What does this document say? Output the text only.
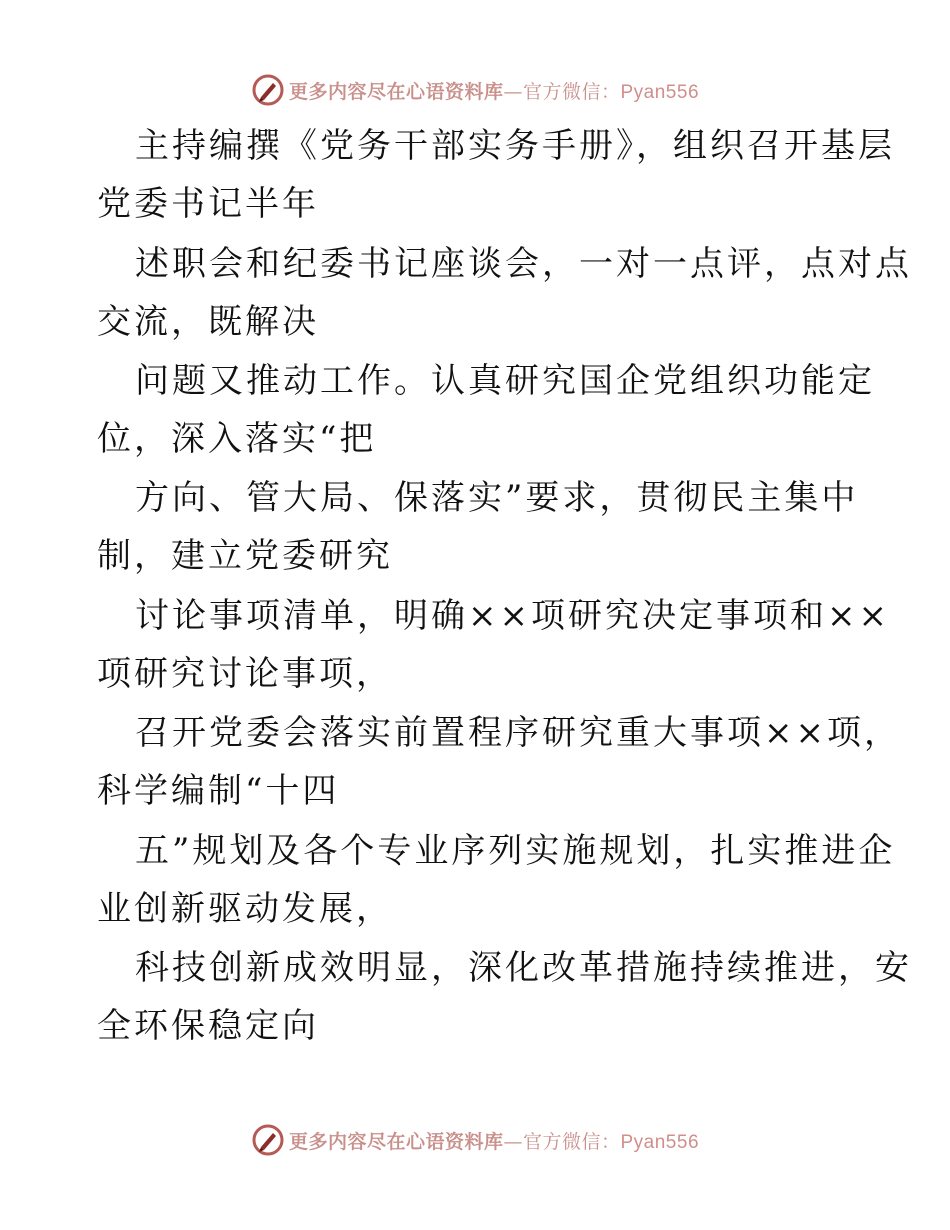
更多内容尽在心语资料库—官方微信：Pyan556
主持编撰《党务干部实务手册》，组织召开基层
党委书记半年
述职会和纪委书记座谈会，一对一点评，点对点
交流，既解决
问题又推动工作。认真研究国企党组织功能定
位，深入落实“把
方向、管大局、保落实”要求，贯彻民主集中
制，建立党委研究
讨论事项清单，明确××项研究决定事项和××
项研究讨论事项，
召开党委会落实前置程序研究重大事项××项，
科学编制“十四
五”规划及各个专业序列实施规划，扎实推进企
业创新驱动发展，
科技创新成效明显，深化改革措施持续推进，安
全环保稳定向
更多内容尽在心语资料库—官方微信：Pyan556
